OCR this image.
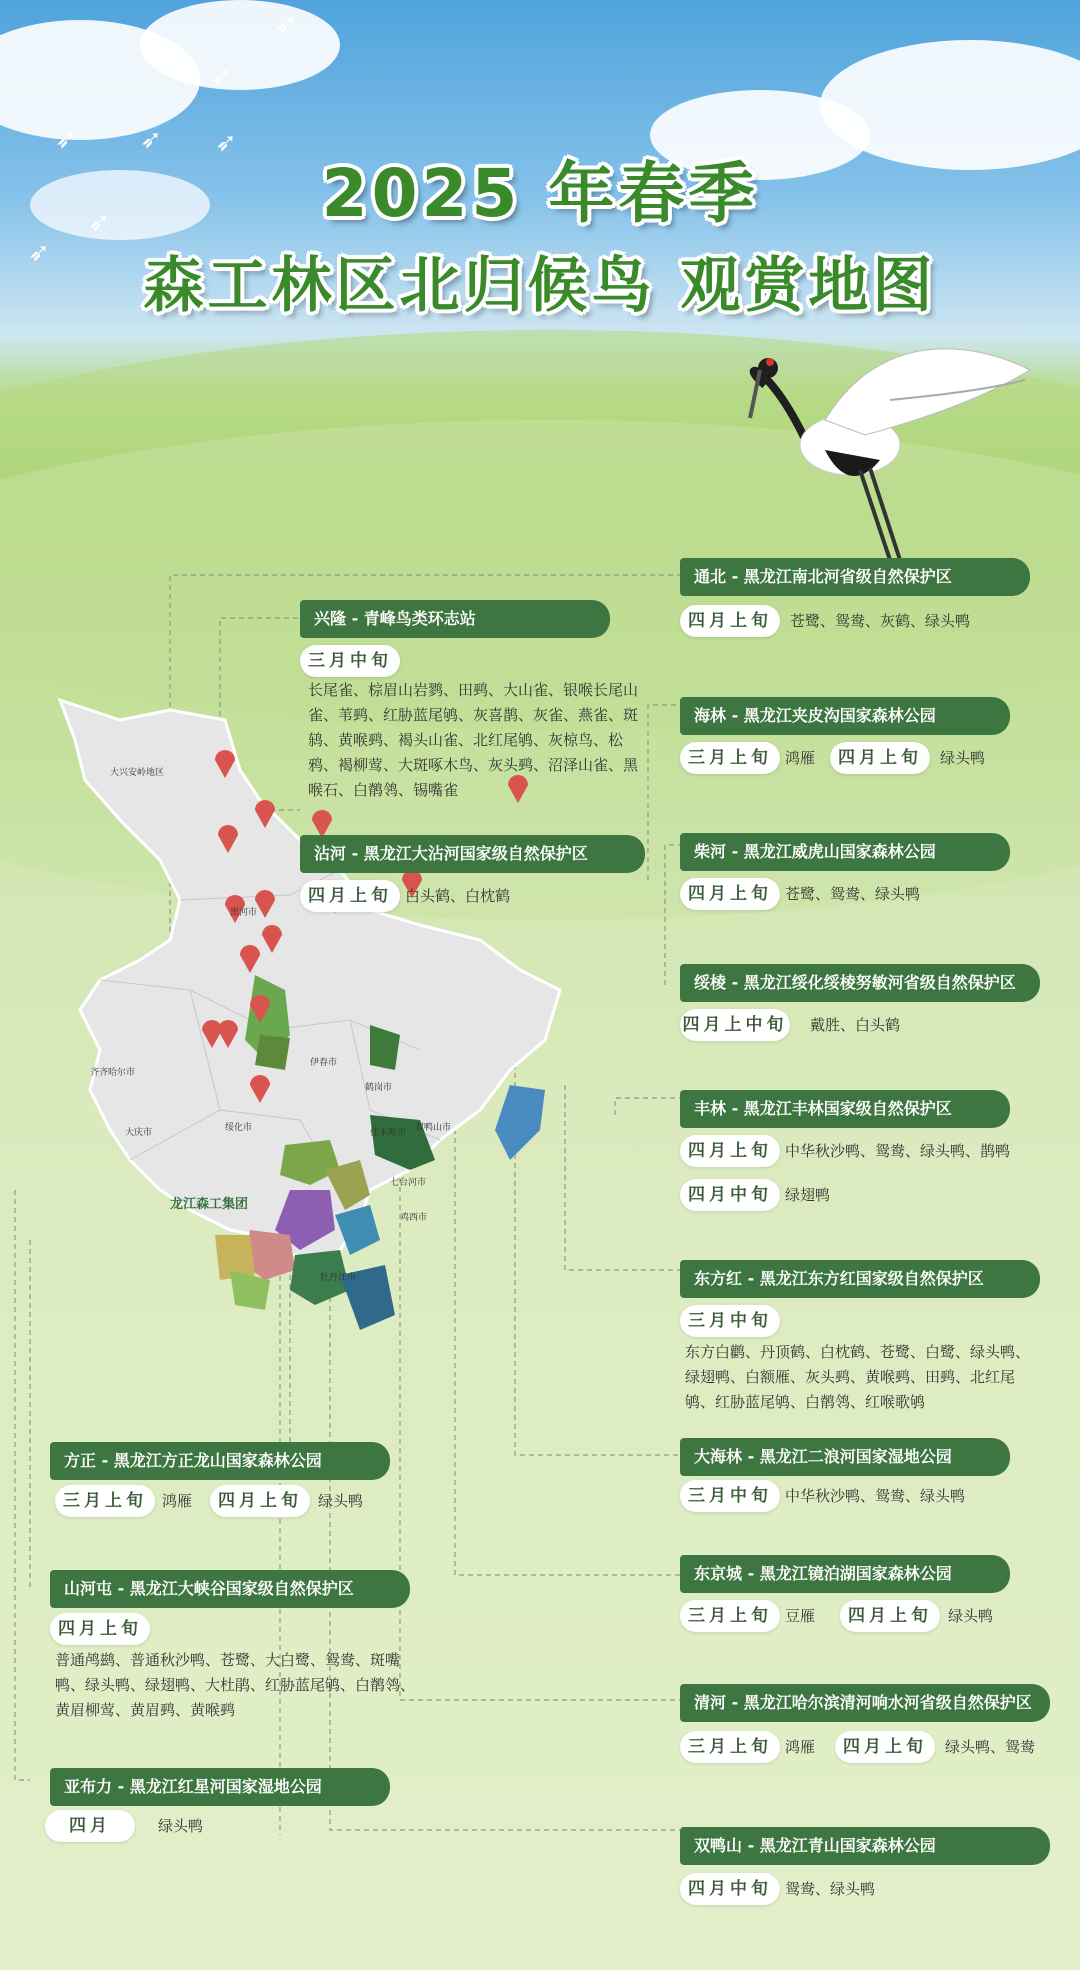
➶
➶
➶ ➶ ➶
➶
➶
2025 年春季
森工林区北归候鸟 观赏地图
大兴安岭地区
黑河市
伊春市
鹤岗市
佳木斯市 双鸭山市
七台河市
鸡西市
齐齐哈尔市
大庆市	绥化市
牡丹江市
龙江森工集团
通北 - 黑龙江南北河省级自然保护区
四月上旬	苍鹭、鸳鸯、灰鹤、绿头鸭
兴隆 - 青峰鸟类环志站
三月中旬
长尾雀、棕眉山岩鹨、田鹀、大山雀、银喉长尾山雀、苇鹀、红胁蓝尾鸲、灰喜鹊、灰雀、燕雀、斑鸫、黄喉鹀、褐头山雀、北红尾鸲、灰椋鸟、松鸦、褐柳莺、大斑啄木鸟、灰头鹀、沼泽山雀、黑喉石、白鹡鸰、锡嘴雀
海林 - 黑龙江夹皮沟国家森林公园
三月上旬 鸿雁	四月上旬	绿头鸭
沾河 - 黑龙江大沾河国家级自然保护区
四月上旬 白头鹤、白枕鹤
柴河 - 黑龙江威虎山国家森林公园
四月上旬 苍鹭、鸳鸯、绿头鸭
绥棱 - 黑龙江绥化绥棱努敏河省级自然保护区
四月上中旬 戴胜、白头鹤
丰林 - 黑龙江丰林国家级自然保护区
四月上旬 中华秋沙鸭、鸳鸯、绿头鸭、鹊鸭
四月中旬 绿翅鸭
东方红 - 黑龙江东方红国家级自然保护区
三月中旬
东方白鹳、丹顶鹤、白枕鹤、苍鹭、白鹭、绿头鸭、绿翅鸭、白额雁、灰头鹀、黄喉鹀、田鹀、北红尾鸲、红胁蓝尾鸲、白鹡鸰、红喉歌鸲
方正 - 黑龙江方正龙山国家森林公园
三月上旬	鸿雁	四月上旬	绿头鸭
大海林 - 黑龙江二浪河国家湿地公园
三月中旬 中华秋沙鸭、鸳鸯、绿头鸭
山河屯 - 黑龙江大峡谷国家级自然保护区
四月上旬
普通鸬鹚、普通秋沙鸭、苍鹭、大白鹭、鸳鸯、斑嘴鸭、绿头鸭、绿翅鸭、大杜鹃、红胁蓝尾鸲、白鹡鸰、黄眉柳莺、黄眉鹀、黄喉鹀
东京城 - 黑龙江镜泊湖国家森林公园
三月上旬 豆雁	四月上旬	绿头鸭
清河 - 黑龙江哈尔滨清河响水河省级自然保护区
三月上旬 鸿雁	四月上旬	绿头鸭、鸳鸯
亚布力 - 黑龙江红星河国家湿地公园
四月	绿头鸭
双鸭山 - 黑龙江青山国家森林公园
四月中旬 鸳鸯、绿头鸭
